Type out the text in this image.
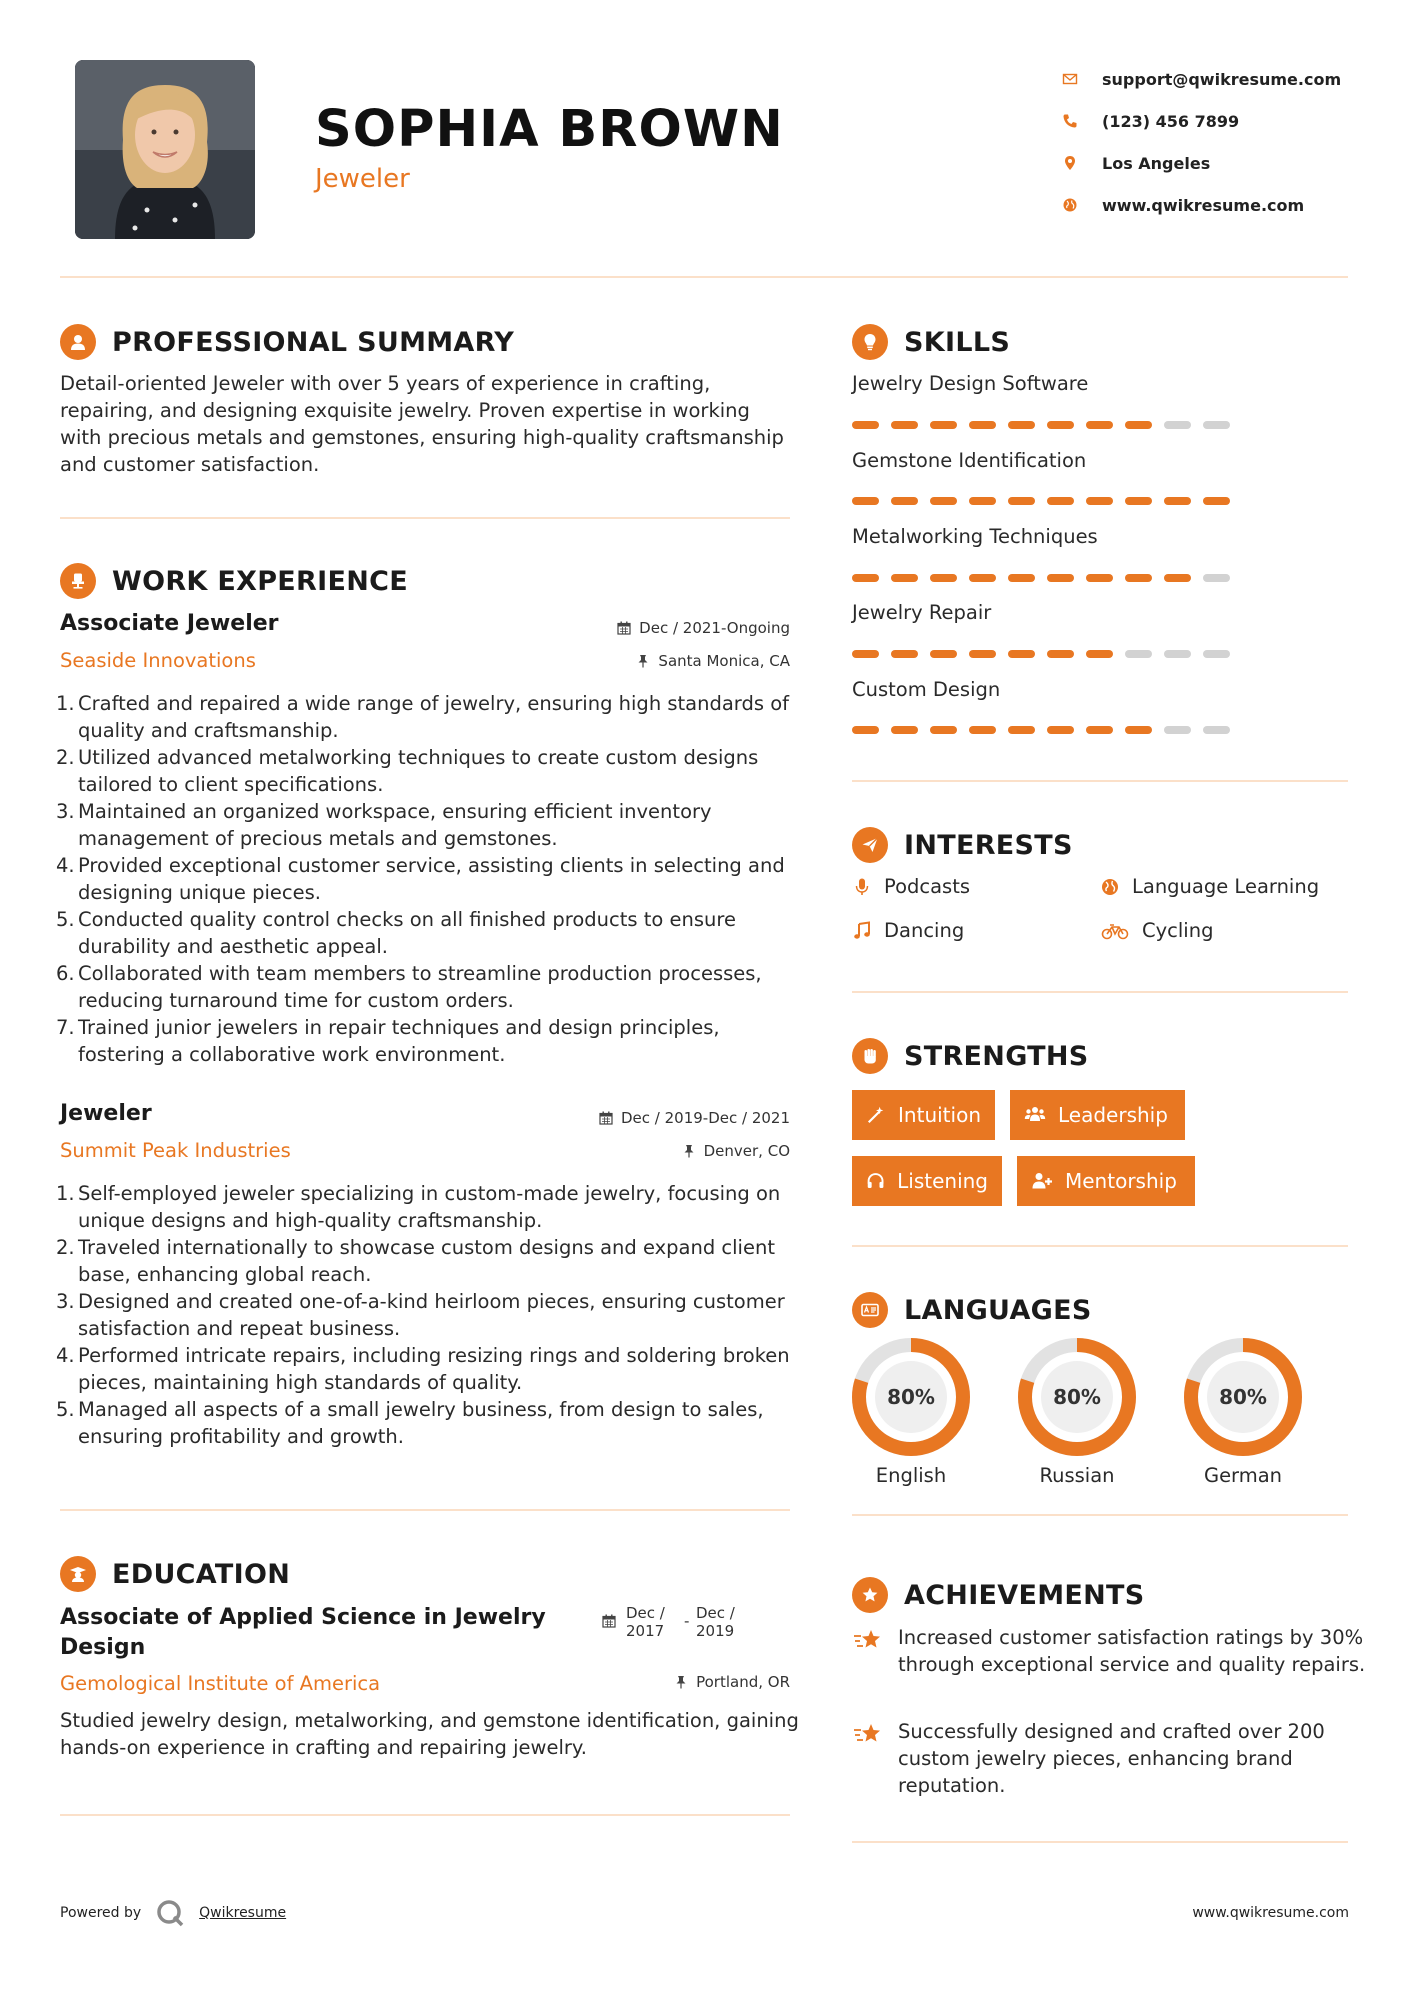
SOPHIA BROWN
Jeweler
support@qwikresume.com
(123) 456 7899
Los Angeles
www.qwikresume.com
PROFESSIONAL SUMMARY
Detail-oriented Jeweler with over 5 years of experience in crafting, repairing, and designing exquisite jewelry. Proven expertise in working with precious metals and gemstones, ensuring high-quality craftsmanship and customer satisfaction.
WORK EXPERIENCE
Associate Jeweler
Seaside Innovations
Dec / 2021-Ongoing
Santa Monica, CA
1. Crafted and repaired a wide range of jewelry, ensuring high standards of quality and craftsmanship.
2. Utilized advanced metalworking techniques to create custom designs tailored to client specifications.
3. Maintained an organized workspace, ensuring efficient inventory management of precious metals and gemstones.
4. Provided exceptional customer service, assisting clients in selecting and designing unique pieces.
5. Conducted quality control checks on all finished products to ensure durability and aesthetic appeal.
6. Collaborated with team members to streamline production processes, reducing turnaround time for custom orders.
7. Trained junior jewelers in repair techniques and design principles, fostering a collaborative work environment.
Jeweler
Summit Peak Industries
Dec / 2019-Dec / 2021
Denver, CO
1. Self-employed jeweler specializing in custom-made jewelry, focusing on unique designs and high-quality craftsmanship.
2. Traveled internationally to showcase custom designs and expand client base, enhancing global reach.
3. Designed and created one-of-a-kind heirloom pieces, ensuring customer satisfaction and repeat business.
4. Performed intricate repairs, including resizing rings and soldering broken pieces, maintaining high standards of quality.
5. Managed all aspects of a small jewelry business, from design to sales, ensuring profitability and growth.
EDUCATION
Associate of Applied Science in Jewelry Design
Gemological Institute of America
Dec / 2017
- Dec / 2019
Portland, OR
Studied jewelry design, metalworking, and gemstone identification, gaining hands-on experience in crafting and repairing jewelry.
SKILLS
Jewelry Design Software
Gemstone Identification
Metalworking Techniques
Jewelry Repair
Custom Design
INTERESTS
Podcasts	Language Learning
Dancing	Cycling
STRENGTHS
Intuition	Leadership
Listening	Mentorship
LANGUAGES
80%
English
80%
Russian
80%
German
ACHIEVEMENTS
Increased customer satisfaction ratings by 30% through exceptional service and quality repairs.
Successfully designed and crafted over 200 custom jewelry pieces, enhancing brand reputation.
Powered by	Qwikresume	www.qwikresume.com
